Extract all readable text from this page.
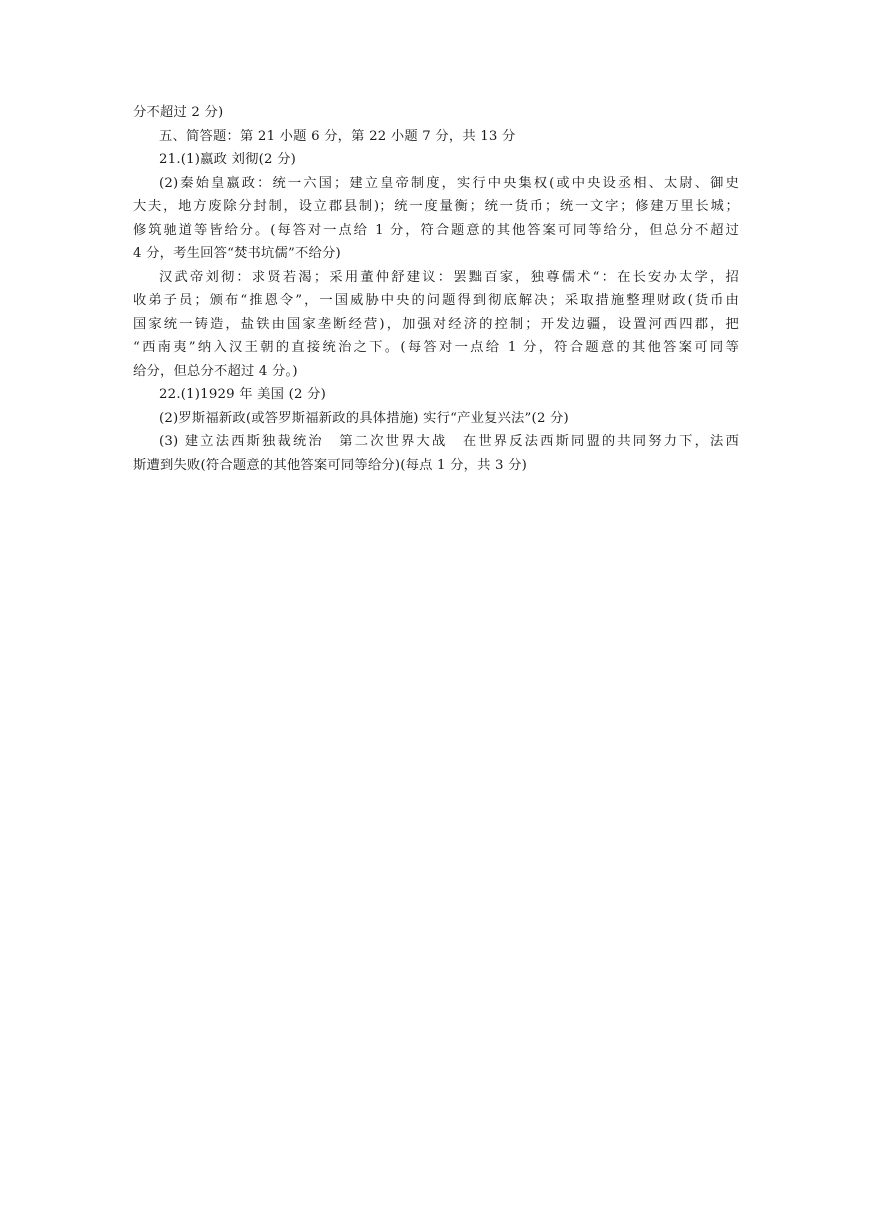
分不超过 2 分)

五、简答题：第 21 小题 6 分，第 22 小题 7 分，共 13 分

21.(1)嬴政 刘彻(2 分)

(2)秦始皇嬴政：统一六国；建立皇帝制度，实行中央集权(或中央设丞相、太尉、御史

大夫，地方废除分封制，设立郡县制)；统一度量衡；统一货币；统一文字；修建万里长城；

修筑驰道等皆给分。(每答对一点给 1 分，符合题意的其他答案可同等给分，但总分不超过

4 分，考生回答“焚书坑儒”不给分)

汉武帝刘彻：求贤若渴；采用董仲舒建议：罢黜百家，独尊儒术“：在长安办太学，招

收弟子员；颁布“推恩令”，一国威胁中央的问题得到彻底解决；采取措施整理财政(货币由

国家统一铸造，盐铁由国家垄断经营)，加强对经济的控制；开发边疆，设置河西四郡，把

“西南夷”纳入汉王朝的直接统治之下。(每答对一点给 1 分，符合题意的其他答案可同等

给分，但总分不超过 4 分。)

22.(1)1929 年 美国 (2 分)

(2)罗斯福新政(或答罗斯福新政的具体措施) 实行“产业复兴法”(2 分)

(3) 建立法西斯独裁统治　第二次世界大战　在世界反法西斯同盟的共同努力下，法西

斯遭到失败(符合题意的其他答案可同等给分)(每点 1 分，共 3 分)
